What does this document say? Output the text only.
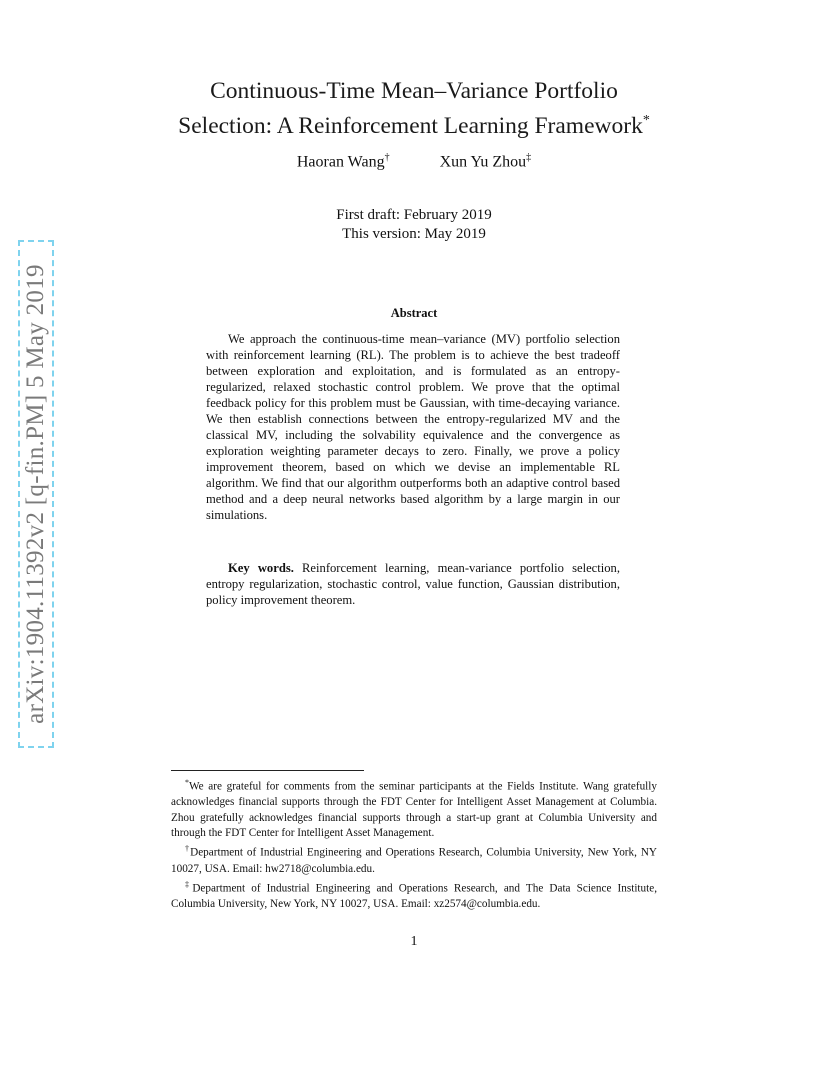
arXiv:1904.11392v2 [q-fin.PM] 5 May 2019
Continuous-Time Mean–Variance Portfolio
Selection: A Reinforcement Learning Framework*
Haoran Wang†	Xun Yu Zhou‡
First draft: February 2019
This version: May 2019
Abstract
We approach the continuous-time mean–variance (MV) portfolio selection with reinforcement learning (RL). The problem is to achieve the best tradeoff between exploration and exploitation, and is formulated as an entropy-regularized, relaxed stochastic control problem. We prove that the optimal feedback policy for this problem must be Gaussian, with time-decaying variance. We then establish connections between the entropy-regularized MV and the classical MV, including the solvability equivalence and the convergence as exploration weighting parameter decays to zero. Finally, we prove a policy improvement theorem, based on which we devise an implementable RL algorithm. We find that our algorithm outperforms both an adaptive control based method and a deep neural networks based algorithm by a large margin in our simulations.
Key words. Reinforcement learning, mean-variance portfolio selection, entropy regularization, stochastic control, value function, Gaussian distribution, policy improvement theorem.

*We are grateful for comments from the seminar participants at the Fields Institute. Wang gratefully acknowledges financial supports through the FDT Center for Intelligent Asset Management at Columbia. Zhou gratefully acknowledges financial supports through a start-up grant at Columbia University and through the FDT Center for Intelligent Asset Management.

†Department of Industrial Engineering and Operations Research, Columbia University, New York, NY 10027, USA. Email: hw2718@columbia.edu.

‡Department of Industrial Engineering and Operations Research, and The Data Science Institute, Columbia University, New York, NY 10027, USA. Email: xz2574@columbia.edu.

1
